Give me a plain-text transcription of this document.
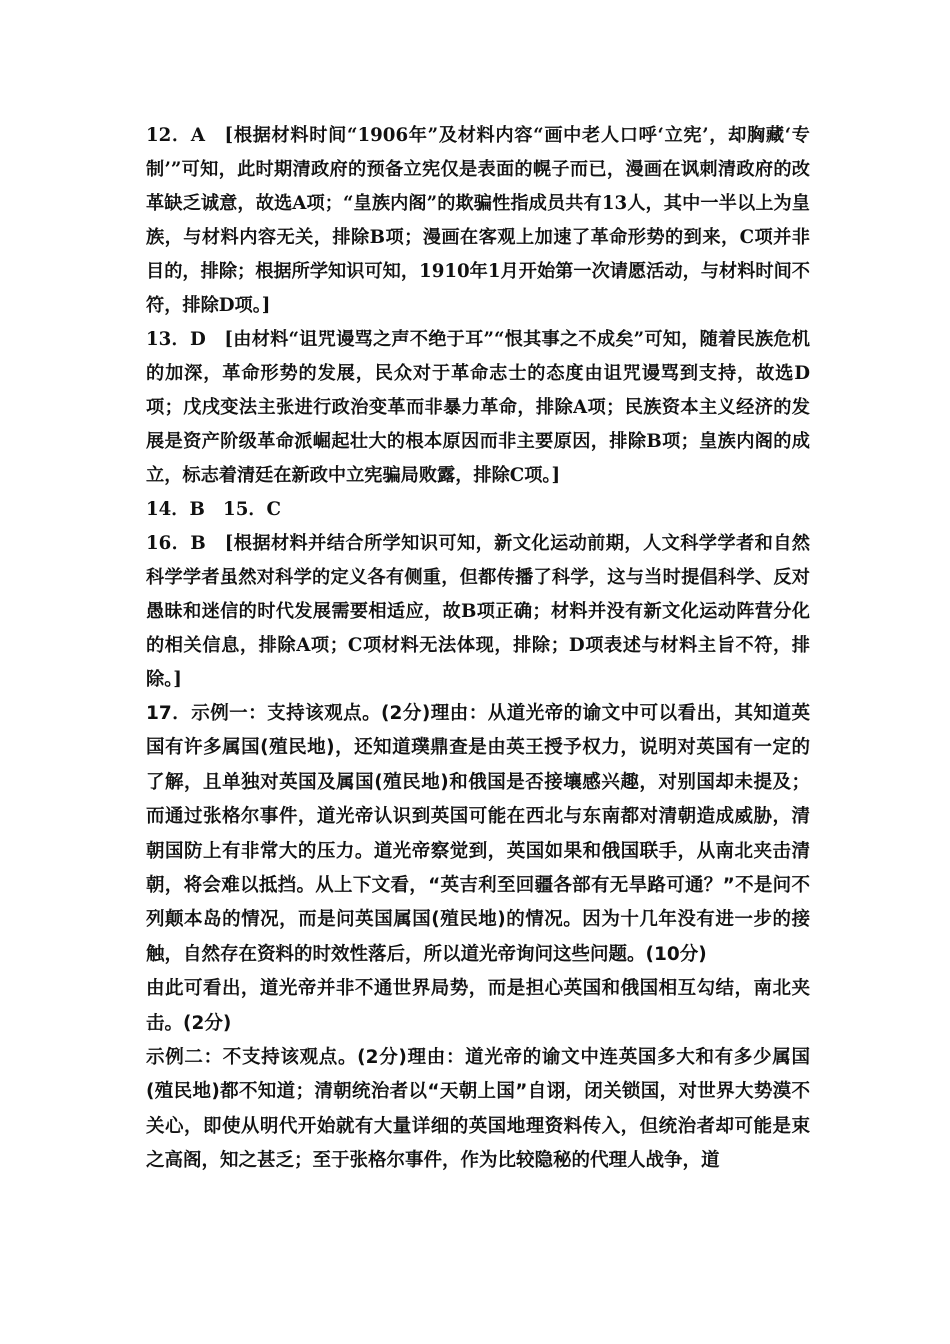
12．A　[根据材料时间“1906年”及材料内容“画中老人口呼‘立宪’，却胸藏‘专制’”可知，此时期清政府的预备立宪仅是表面的幌子而已，漫画在讽刺清政府的改革缺乏诚意，故选A项；“皇族内阁”的欺骗性指成员共有13人，其中一半以上为皇族，与材料内容无关，排除B项；漫画在客观上加速了革命形势的到来，C项并非目的，排除；根据所学知识可知，1910年1月开始第一次请愿活动，与材料时间不符，排除D项。]

13．D　[由材料“诅咒谩骂之声不绝于耳”“恨其事之不成矣”可知，随着民族危机的加深，革命形势的发展，民众对于革命志士的态度由诅咒谩骂到支持，故选D项；戊戌变法主张进行政治变革而非暴力革命，排除A项；民族资本主义经济的发展是资产阶级革命派崛起壮大的根本原因而非主要原因，排除B项；皇族内阁的成立，标志着清廷在新政中立宪骗局败露，排除C项。]

14．B　15．C

16．B　[根据材料并结合所学知识可知，新文化运动前期，人文科学学者和自然科学学者虽然对科学的定义各有侧重，但都传播了科学，这与当时提倡科学、反对愚昧和迷信的时代发展需要相适应，故B项正确；材料并没有新文化运动阵营分化的相关信息，排除A项；C项材料无法体现，排除；D项表述与材料主旨不符，排除。]

17．示例一：支持该观点。(2分)理由：从道光帝的谕文中可以看出，其知道英国有许多属国(殖民地)，还知道璞鼎查是由英王授予权力，说明对英国有一定的了解，且单独对英国及属国(殖民地)和俄国是否接壤感兴趣，对别国却未提及；而通过张格尔事件，道光帝认识到英国可能在西北与东南都对清朝造成威胁，清朝国防上有非常大的压力。道光帝察觉到，英国如果和俄国联手，从南北夹击清朝，将会难以抵挡。从上下文看，“英吉利至回疆各部有无旱路可通？”不是问不列颠本岛的情况，而是问英国属国(殖民地)的情况。因为十几年没有进一步的接触，自然存在资料的时效性落后，所以道光帝询问这些问题。(10分)

由此可看出，道光帝并非不通世界局势，而是担心英国和俄国相互勾结，南北夹击。(2分)

示例二：不支持该观点。(2分)理由：道光帝的谕文中连英国多大和有多少属国(殖民地)都不知道；清朝统治者以“天朝上国”自诩，闭关锁国，对世界大势漠不关心，即使从明代开始就有大量详细的英国地理资料传入，但统治者却可能是束之高阁，知之甚乏；至于张格尔事件，作为比较隐秘的代理人战争，道
